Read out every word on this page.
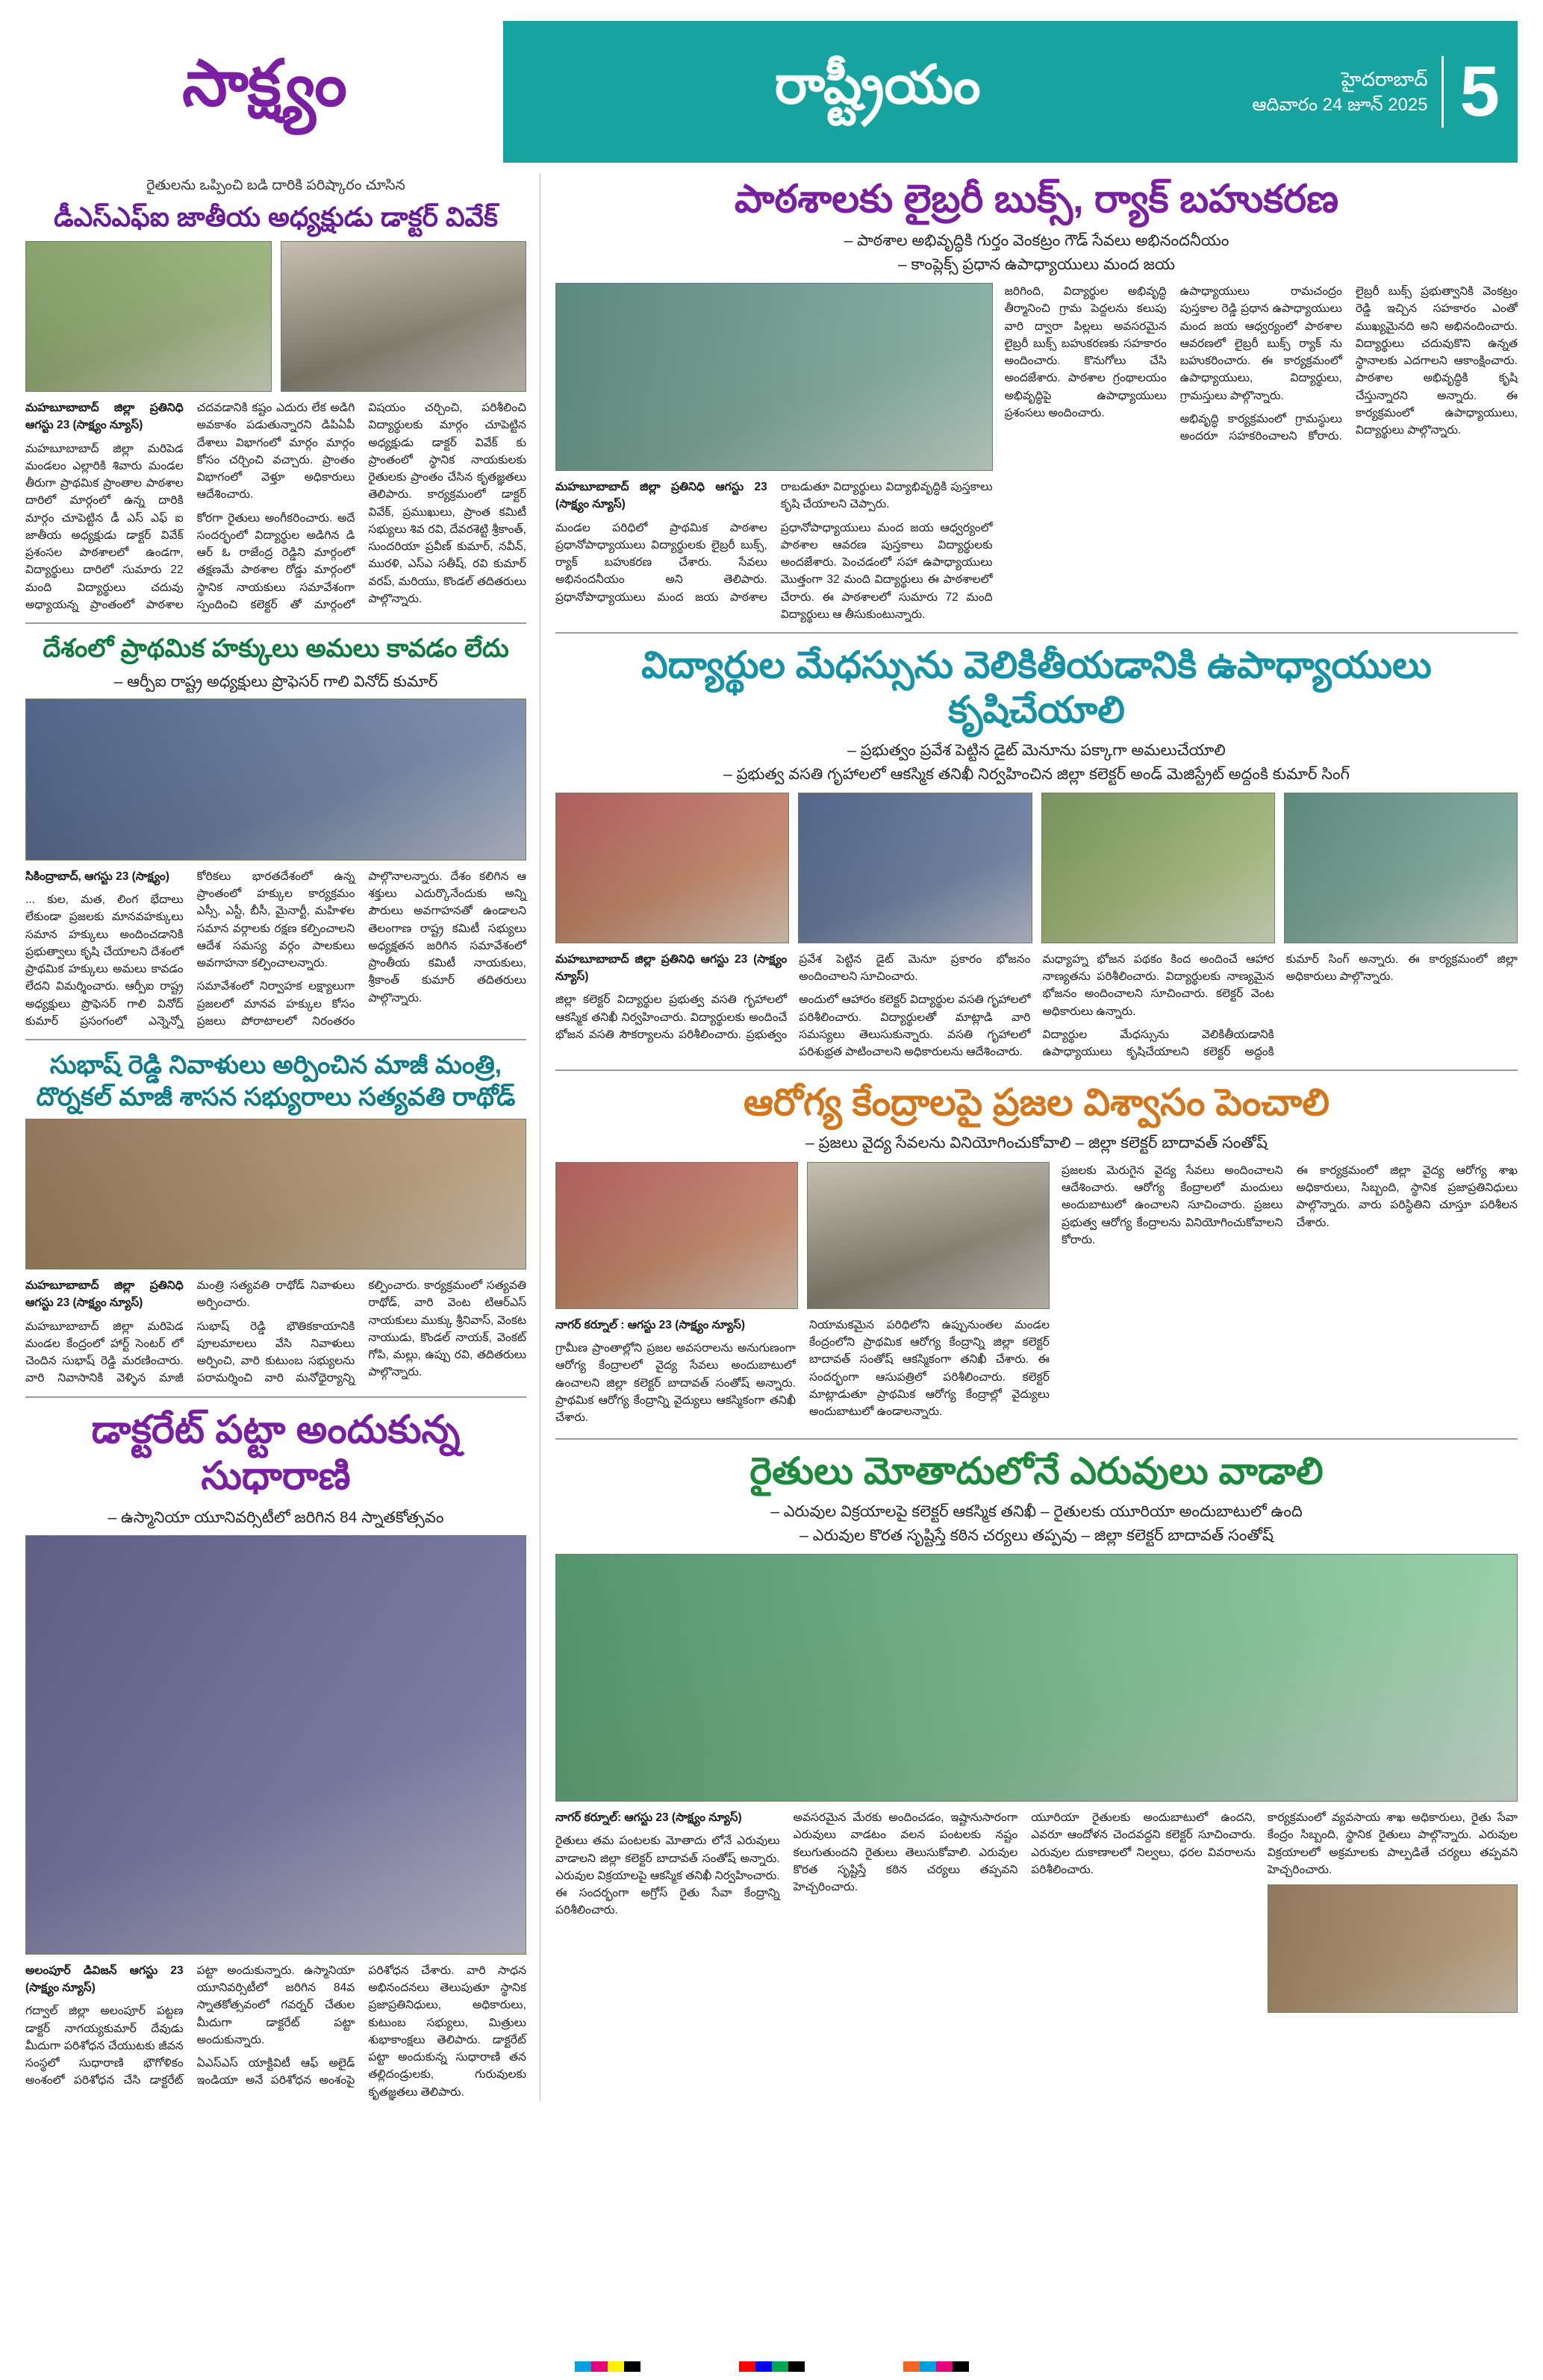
సాక్ష్యం	రాష్ట్రీయం	హైదరాబాద్
ఆదివారం 24 జూన్ 2025 5
రైతులను ఒప్పించి బడి దారికి పరిష్కారం చూసిన
డీఎస్ఎఫ్ఐ జాతీయ అధ్యక్షుడు డాక్టర్ వివేక్

మహబూబాబాద్ జిల్లా ప్రతినిధి ఆగస్టు 23 (సాక్ష్యం న్యూస్)

మహబూబాబాద్ జిల్లా మరిపెడ మండలం ఎల్లారికి శివారు మండల తీరుగా ప్రాథమిక ప్రాంతాల పాఠశాల దారిలో మార్గంలో ఉన్న దారికి మార్గం చూపెట్టిన డీ ఎస్ ఎఫ్ ఐ జాతీయ అధ్యక్షుడు డాక్టర్ వివేక్ ప్రశంసల పాఠశాలలో ఉండగా, విద్యార్థులు దారిలో సుమారు 22 మంది విద్యార్థులు చదువు అధ్యాయన్న ప్రాంతంలో పాఠశాల చదవడానికి కష్టం ఎదురు లేక అడిగి అవకాశం పడుతున్నారని డిపిఏపీ దేశాలు విభాగంలో మార్గం మార్గం కోసం చర్చించి వచ్చారు. ప్రాంతం విభాగంలో వెళ్తూ అధికారులు ఆదేశించారు.

కోరగా రైతులు అంగీకరించారు. అదే సందర్భంలో విద్యార్థుల అడిగిన డి ఆర్ ఓ రాజేంద్ర రెడ్డిని మార్గంలో తక్షణమే పాఠశాల రోడ్డు మార్గంలో స్థానిక నాయకులు సమావేశంగా స్పందించి కలెక్టర్ తో మార్గంలో విషయం చర్చించి, పరిశీలించి విద్యార్థులకు మార్గం చూపెట్టిన అధ్యక్షుడు డాక్టర్ వివేక్ కు ప్రాంతంలో స్థానిక నాయకులకు రైతులకు ప్రాంతం చేసిన కృతజ్ఞతలు తెలిపారు. కార్యక్రమంలో డాక్టర్ వివేక్, ప్రముఖులు, ప్రాంత కమిటీ సభ్యులు శివ రవి, దేవరశెట్టి శ్రీకాంత్, సుందరియా ప్రవీణ్ కుమార్, నవీన్, మురళి, ఎస్ఎ సతీష్, రవి కుమార్ వరప్, మరియు, కొండల్ తదితరులు పాల్గొన్నారు.

దేశంలో ప్రాథమిక హక్కులు అమలు కావడం లేదు
– ఆర్పీఐ రాష్ట్ర అధ్యక్షులు ప్రొఫెసర్ గాలి వినోద్ కుమార్

సికింద్రాబాద్, ఆగస్టు 23 (సాక్ష్యం)

... కుల, మత, లింగ భేదాలు లేకుండా ప్రజలకు మానవహక్కులు సమాన హక్కులు అందించడానికి ప్రభుత్వాలు కృషి చేయాలని దేశంలో ప్రాథమిక హక్కులు అమలు కావడం లేదని విమర్శించారు. ఆర్పీఐ రాష్ట్ర అధ్యక్షులు ప్రొఫెసర్ గాలి వినోద్ కుమార్ ప్రసంగంలో ఎన్నెన్నో కోరికలు భారతదేశంలో ఉన్న ప్రాంతంలో హక్కుల కార్యక్రమం ఎస్సీ, ఎస్టీ, బీసీ, మైనార్టీ, మహిళల సమాన వర్గాలకు రక్షణ కల్పించాలని ఆదేశ సమస్య వర్గం పాలకులు అవగాహనా కల్పించాలన్నారు.

సమావేశంలో నిర్వాహక లక్ష్యాలుగా ప్రజలలో మానవ హక్కుల కోసం ప్రజలు పోరాటాలలో నిరంతరం పాల్గొనాలన్నారు. దేశం కలిగిన ఆ శక్తులు ఎదుర్కొనేందుకు అన్ని పౌరులు అవగాహనతో ఉండాలని తెలంగాణ రాష్ట్ర కమిటీ సభ్యులు అధ్యక్షతన జరిగిన సమావేశంలో ప్రాంతీయ కమిటీ నాయకులు, శ్రీకాంత్ కుమార్ తదితరులు పాల్గొన్నారు.

సుభాష్ రెడ్డి నివాళులు అర్పించిన మాజీ మంత్రి, దొర్నకల్ మాజీ శాసన సభ్యురాలు సత్యవతి రాథోడ్

మహబూబాబాద్ జిల్లా ప్రతినిధి ఆగస్టు 23 (సాక్ష్యం న్యూస్)

మహబూబాబాద్ జిల్లా మరిపెడ మండల కేంద్రంలో హార్ట్ సెంటర్ లో చెందిన సుభాష్ రెడ్డి మరణించారు. వారి నివాసానికి వెళ్ళిన మాజీ మంత్రి సత్యవతి రాథోడ్ నివాళులు అర్పించారు.

సుభాష్ రెడ్డి భౌతికకాయానికి పూలమాలలు వేసి నివాళులు అర్పించి, వారి కుటుంబ సభ్యులను పరామర్శించి వారి మనోధైర్యాన్ని కల్పించారు. కార్యక్రమంలో సత్యవతి రాథోడ్, వారి వెంట టిఆర్ఎస్ నాయకులు ముక్కు శ్రీనివాస్, వెంకట నాయుడు, కొండల్ నాయక్, వెంకట్ గోపి, మల్లు, ఉప్పు రవి, తదితరులు పాల్గొన్నారు.

డాక్టరేట్ పట్టా అందుకున్న సుధారాణి
– ఉస్మానియా యూనివర్సిటీలో జరిగిన 84 స్నాతకోత్సవం

అలంపూర్ డివిజన్ ఆగస్టు 23 (సాక్ష్యం న్యూస్)

గద్వాల్ జిల్లా అలంపూర్ పట్టణ డాక్టర్ నాగయ్యకుమార్ దేవుడు మీదుగా పరిశోధన చేయుటకు జీవన సంస్థలో సుధారాణి భౌగోళికం అంశంలో పరిశోధన చేసి డాక్టరేట్ పట్టా అందుకున్నారు. ఉస్మానియా యూనివర్సిటీలో జరిగిన 84వ స్నాతకోత్సవంలో గవర్నర్ చేతుల మీదుగా డాక్టరేట్ పట్టా అందుకున్నారు.

ఏఎస్ఎస్ యాక్టివిటీ ఆఫ్ అలైడ్ ఇండియా అనే పరిశోధన అంశంపై పరిశోధన చేశారు. వారి సాధన అభినందనలు తెలుపుతూ స్థానిక ప్రజాప్రతినిధులు, అధికారులు, కుటుంబ సభ్యులు, మిత్రులు శుభాకాంక్షలు తెలిపారు. డాక్టరేట్ పట్టా అందుకున్న సుధారాణి తన తల్లిదండ్రులకు, గురువులకు కృతజ్ఞతలు తెలిపారు.

పాఠశాలకు లైబ్రరీ బుక్స్, ర్యాక్ బహుకరణ
– పాఠశాల అభివృద్ధికి గుర్తం వెంకట్రం గౌడ్ సేవలు అభినందనీయం
– కాంప్లెక్స్ ప్రధాన ఉపాధ్యాయులు మంద జయ

మహబూబాబాద్ జిల్లా ప్రతినిధి ఆగస్టు 23 (సాక్ష్యం న్యూస్)

మండల పరిధిలో ప్రాథమిక పాఠశాల ప్రధానోపాధ్యాయులు విద్యార్థులకు లైబ్రరీ బుక్స్, ర్యాక్ బహుకరణ చేశారు. సేవలు అభినందనీయం అని తెలిపారు. ప్రధానోపాధ్యాయులు మంద జయ పాఠశాల రాబడుతూ విద్యార్థులు విద్యాభివృద్ధికి పుస్తకాలు కృషి చేయాలని చెప్పారు.

ప్రధానోపాధ్యాయులు మంద జయ ఆధ్వర్యంలో పాఠశాల ఆవరణ పుస్తకాలు విద్యార్థులకు అందజేశారు. పెంచడంలో సహా ఉపాధ్యాయులు మొత్తంగా 32 మంది విద్యార్థులు ఈ పాఠశాలలో చేరారు. ఈ పాఠశాలలో సుమారు 72 మంది విద్యార్థులు ఆ తీసుకుంటున్నారు.

జరిగింది, విద్యార్థుల అభివృద్ధి తీర్మానించి గ్రామ పెద్దలను కలుపు వారి ద్వారా పిల్లలు అవసరమైన లైబ్రరీ బుక్స్ బహుకరణకు సహకారం అందించారు. కొనుగోలు చేసి అందజేశారు. పాఠశాల గ్రంథాలయం అభివృద్ధిపై ఉపాధ్యాయులు ప్రశంసలు అందించారు.

ఉపాధ్యాయులు రామచంద్రం పుస్తకాల రెడ్డి ప్రధాన ఉపాధ్యాయులు మంద జయ ఆధ్వర్యంలో పాఠశాల ఆవరణలో లైబ్రరీ బుక్స్ ర్యాక్ ను బహుకరించారు. ఈ కార్యక్రమంలో ఉపాధ్యాయులు, విద్యార్థులు, గ్రామస్తులు పాల్గొన్నారు.

అభివృద్ధి కార్యక్రమంలో గ్రామస్థులు అందరూ సహకరించాలని కోరారు. లైబ్రరీ బుక్స్ ప్రభుత్వానికి వెంకట్రం రెడ్డి ఇచ్చిన సహకారం ఎంతో ముఖ్యమైనది అని అభినందించారు. విద్యార్థులు చదువుకొని ఉన్నత స్థానాలకు ఎదగాలని ఆకాంక్షించారు. పాఠశాల అభివృద్ధికి కృషి చేస్తున్నారని అన్నారు. ఈ కార్యక్రమంలో ఉపాధ్యాయులు, విద్యార్థులు పాల్గొన్నారు.

విద్యార్థుల మేధస్సును వెలికితీయడానికి ఉపాధ్యాయులు కృషిచేయాలి
– ప్రభుత్వం ప్రవేశ పెట్టిన డైట్ మెనూను పక్కాగా అమలుచేయాలి
– ప్రభుత్వ వసతి గృహాలలో ఆకస్మిక తనిఖీ నిర్వహించిన జిల్లా కలెక్టర్ అండ్ మెజిస్ట్రేట్ అద్దంకి కుమార్ సింగ్

మహబూబాబాద్ జిల్లా ప్రతినిధి ఆగస్టు 23 (సాక్ష్యం న్యూస్)

జిల్లా కలెక్టర్ విద్యార్థుల ప్రభుత్వ వసతి గృహాలలో ఆకస్మిక తనిఖీ నిర్వహించారు. విద్యార్థులకు అందించే భోజన వసతి సౌకర్యాలను పరిశీలించారు. ప్రభుత్వం ప్రవేశ పెట్టిన డైట్ మెనూ ప్రకారం భోజనం అందించాలని సూచించారు.

అందులో ఆహారం కలెక్టర్ విద్యార్థుల వసతి గృహాలలో పరిశీలించారు. విద్యార్థులతో మాట్లాడి వారి సమస్యలు తెలుసుకున్నారు. వసతి గృహాలలో పరిశుభ్రత పాటించాలని అధికారులను ఆదేశించారు.

మధ్యాహ్న భోజన పథకం కింద అందించే ఆహార నాణ్యతను పరిశీలించారు. విద్యార్థులకు నాణ్యమైన భోజనం అందించాలని సూచించారు. కలెక్టర్ వెంట అధికారులు ఉన్నారు.

విద్యార్థుల మేధస్సును వెలికితీయడానికి ఉపాధ్యాయులు కృషిచేయాలని కలెక్టర్ అద్దంకి కుమార్ సింగ్ అన్నారు. ఈ కార్యక్రమంలో జిల్లా అధికారులు పాల్గొన్నారు.

ఆరోగ్య కేంద్రాలపై ప్రజల విశ్వాసం పెంచాలి
– ప్రజలు వైద్య సేవలను వినియోగించుకోవాలి – జిల్లా కలెక్టర్ బాదావత్ సంతోష్

నాగర్ కర్నూల్ : ఆగస్టు 23 (సాక్ష్యం న్యూస్)

గ్రామీణ ప్రాంతాల్లోని ప్రజల అవసరాలను అనుగుణంగా ఆరోగ్య కేంద్రాలలో వైద్య సేవలు అందుబాటులో ఉంచాలని జిల్లా కలెక్టర్ బాదావత్ సంతోష్ అన్నారు. ప్రాథమిక ఆరోగ్య కేంద్రాన్ని వైద్యులు ఆకస్మికంగా తనిఖీ చేశారు.

నియామకమైన పరిధిలోని ఉప్పునుంతల మండల కేంద్రంలోని ప్రాథమిక ఆరోగ్య కేంద్రాన్ని జిల్లా కలెక్టర్ బాదావత్ సంతోష్ ఆకస్మికంగా తనిఖీ చేశారు. ఈ సందర్భంగా ఆసుపత్రిలో పరిశీలించారు. కలెక్టర్ మాట్లాడుతూ ప్రాథమిక ఆరోగ్య కేంద్రాల్లో వైద్యులు అందుబాటులో ఉండాలన్నారు.

ప్రజలకు మెరుగైన వైద్య సేవలు అందించాలని ఆదేశించారు. ఆరోగ్య కేంద్రాలలో మందులు అందుబాటులో ఉంచాలని సూచించారు. ప్రజలు ప్రభుత్వ ఆరోగ్య కేంద్రాలను వినియోగించుకోవాలని కోరారు.

ఈ కార్యక్రమంలో జిల్లా వైద్య ఆరోగ్య శాఖ అధికారులు, సిబ్బంది, స్థానిక ప్రజాప్రతినిధులు పాల్గొన్నారు. వారు పరిస్థితిని చూస్తూ పరిశీలన చేశారు.

రైతులు మోతాదులోనే ఎరువులు వాడాలి
– ఎరువుల విక్రయాలపై కలెక్టర్ ఆకస్మిక తనిఖీ – రైతులకు యూరియా అందుబాటులో ఉంది
– ఎరువుల కొరత సృష్టిస్తే కఠిన చర్యలు తప్పవు – జిల్లా కలెక్టర్ బాదావత్ సంతోష్

నాగర్ కర్నూల్: ఆగస్టు 23 (సాక్ష్యం న్యూస్)

రైతులు తమ పంటలకు మోతాదు లోనే ఎరువులు వాడాలని జిల్లా కలెక్టర్ బాదావత్ సంతోష్ అన్నారు. ఎరువుల విక్రయాలపై ఆకస్మిక తనిఖీ నిర్వహించారు. ఈ సందర్భంగా అగ్రోస్ రైతు సేవా కేంద్రాన్ని పరిశీలించారు.

అవసరమైన మేరకు అందించడం, ఇష్టానుసారంగా ఎరువులు వాడటం వలన పంటలకు నష్టం కలుగుతుందని రైతులు తెలుసుకోవాలి. ఎరువుల కొరత సృష్టిస్తే కఠిన చర్యలు తప్పవని హెచ్చరించారు.

యూరియా రైతులకు అందుబాటులో ఉందని, ఎవరూ ఆందోళన చెందవద్దని కలెక్టర్ సూచించారు. ఎరువుల దుకాణాలలో నిల్వలు, ధరల వివరాలను పరిశీలించారు.

కార్యక్రమంలో వ్యవసాయ శాఖ అధికారులు, రైతు సేవా కేంద్రం సిబ్బంది, స్థానిక రైతులు పాల్గొన్నారు. ఎరువుల విక్రయాలలో అక్రమాలకు పాల్పడితే చర్యలు తప్పవని హెచ్చరించారు.
